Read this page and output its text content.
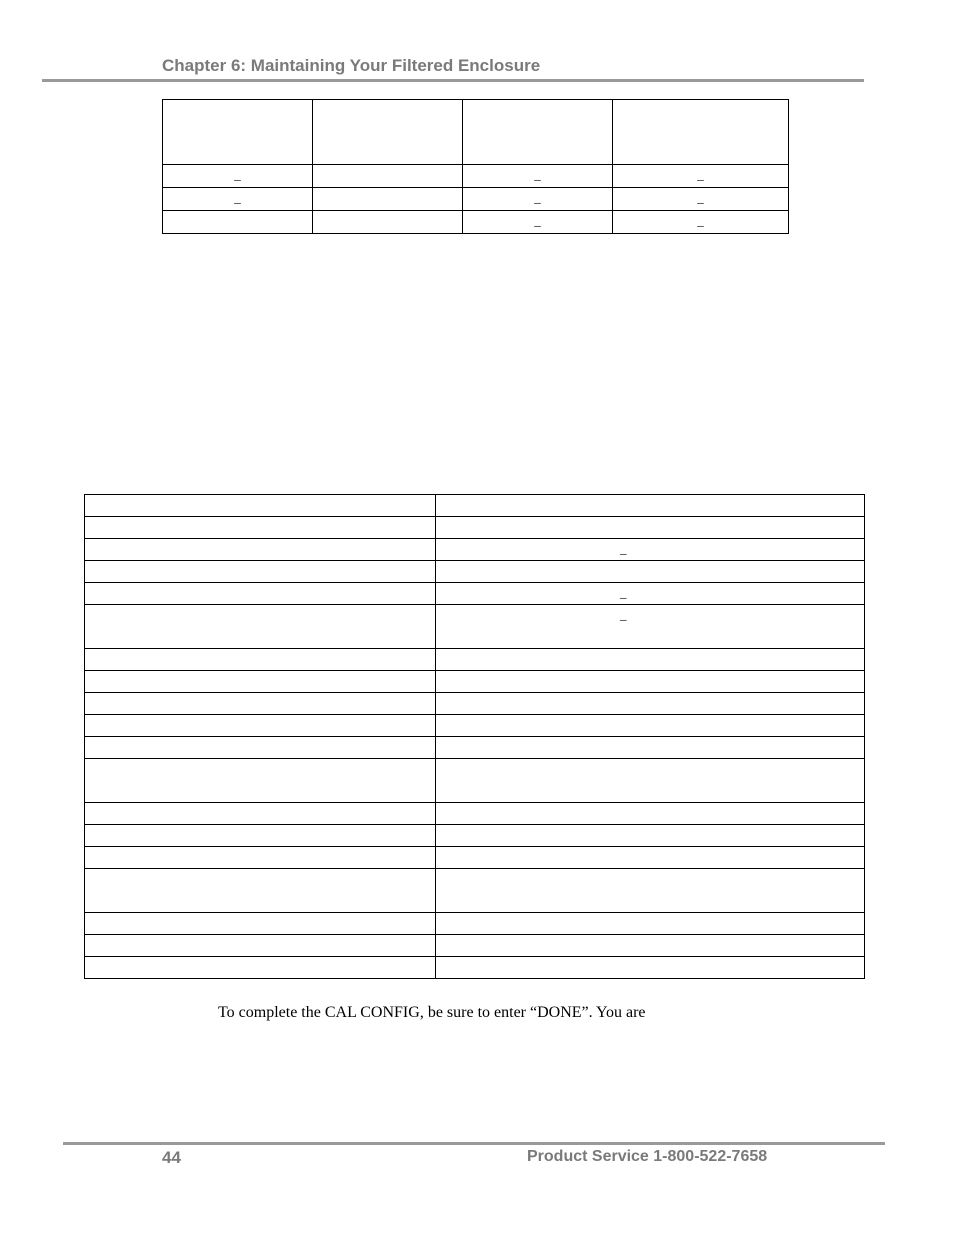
Chapter 6: Maintaining Your Filtered Enclosure

_		_	_
_		_	_
		_	_

	_

	_
	_

To complete the CAL CONFIG, be sure to enter “DONE”. You are
44	Product Service 1-800-522-7658
